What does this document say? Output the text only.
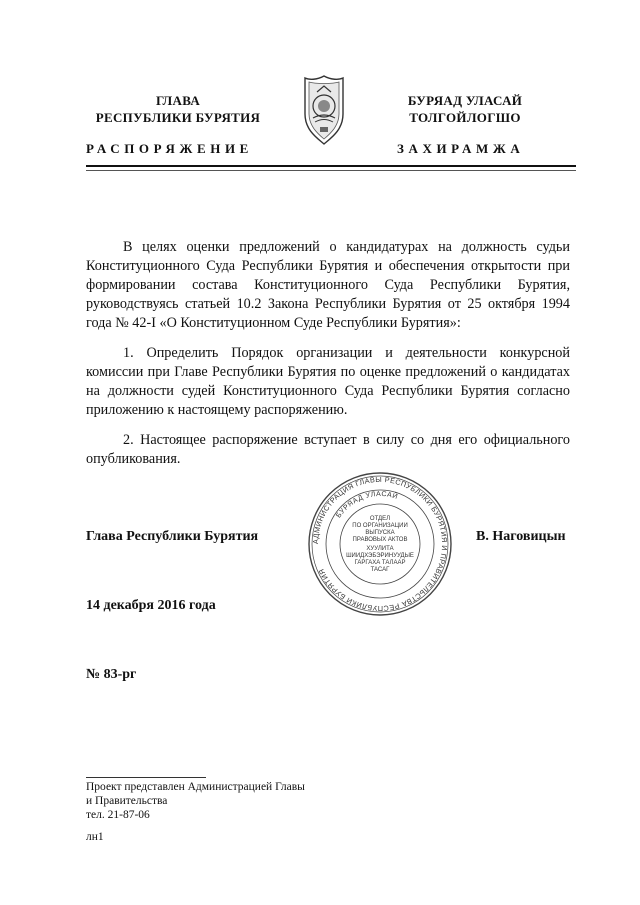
ГЛАВА
РЕСПУБЛИКИ БУРЯТИЯ
БУРЯАД УЛАСАЙ
ТОЛГОЙЛОГШО
РАСПОРЯЖЕНИЕ	ЗАХИРАМЖА
В целях оценки предложений о кандидатурах на должность судьи Конституционного Суда Республики Бурятия и обеспечения открытости при формировании состава Конституционного Суда Республики Бурятия, руководствуясь статьей 10.2 Закона Республики Бурятия от 25 октября 1994 года № 42-I «О Конституционном Суде Республики Бурятия»:
1. Определить Порядок организации и деятельности конкурсной комиссии при Главе Республики Бурятия по оценке предложений о кандидатах на должности судей Конституционного Суда Республики Бурятия согласно приложению к настоящему распоряжению.
2. Настоящее распоряжение вступает в силу со дня его официального опубликования.
АДМИНИСТРАЦИЯ ГЛАВЫ РЕСПУБЛИКИ БУРЯТИЯ И ПРАВИТЕЛЬСТВА РЕСПУБЛИКИ БУРЯТИЯ
БУРЯАД УЛАСАЙ
ОТДЕЛ
ПО ОРГАНИЗАЦИИ
ВЫПУСКА
ПРАВОВЫХ АКТОВ
ХУУЛИТА
ШИИДХЭБЭРИНУУДЫЕ
ГАРГАХА ТАЛААР
ТАСАГ
Глава Республики Бурятия	В. Наговицын
14 декабря 2016 года
№ 83-рг
Проект представлен Администрацией Главы
и Правительства
тел. 21-87-06
лн1
